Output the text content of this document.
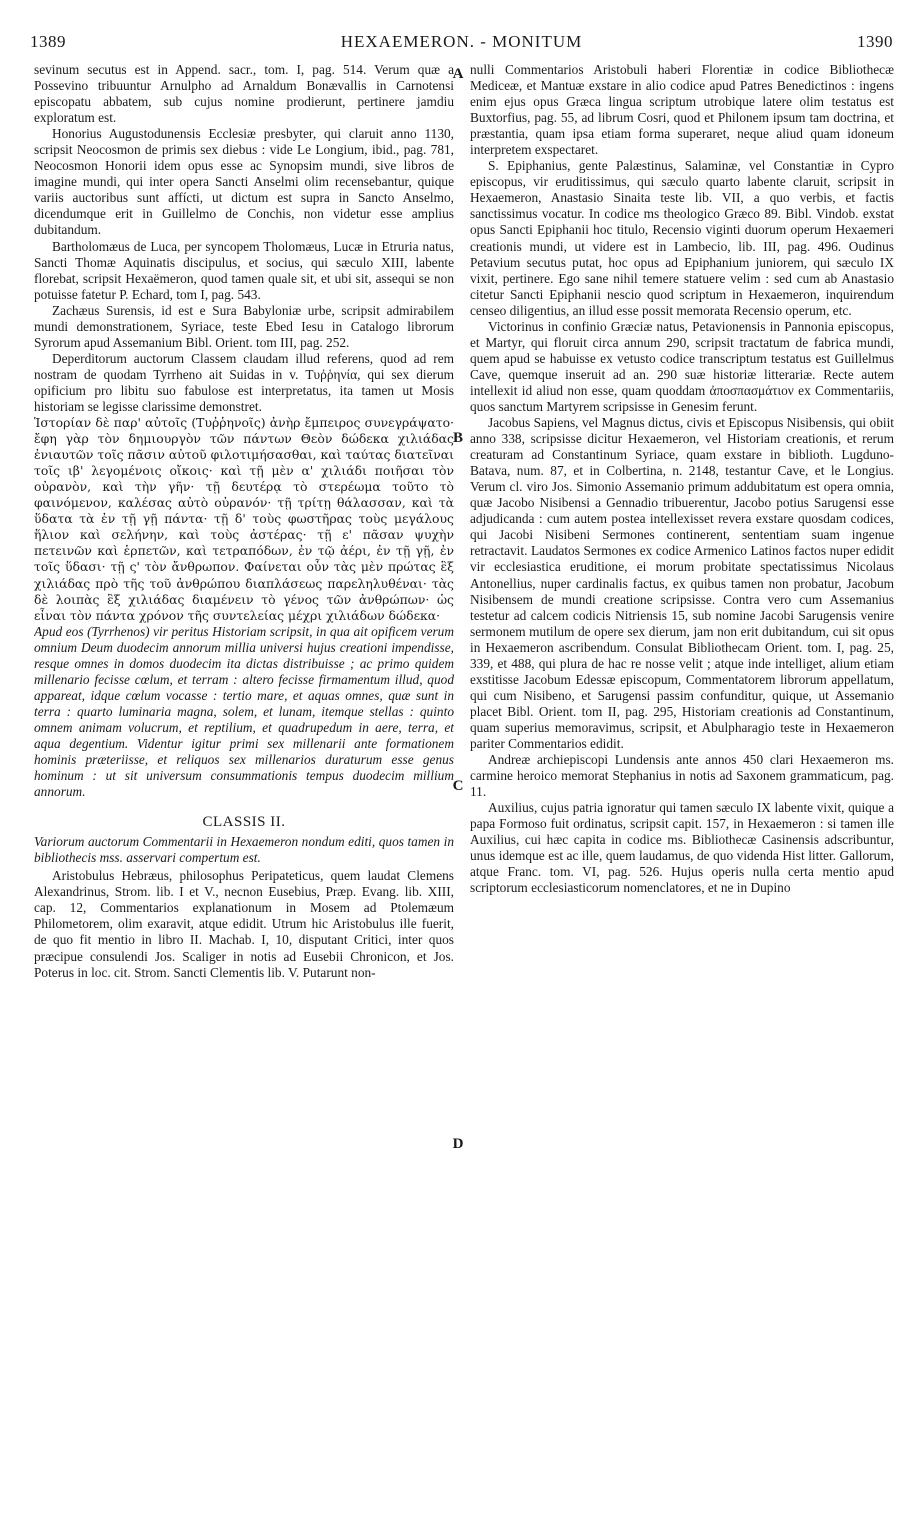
1389	ΗΕΧΑΕΜΕRON. - MONITUM	1390

sevinum secutus est in Append. sacr., tom. I, pag. 514. Verum quæ a Possevino tribuuntur Arnulpho ad Arnaldum Bonævallis in Carnotensi episcopatu abbatem, sub cujus nomine prodierunt, pertinere jamdiu exploratum est.

Honorius Augustodunensis Ecclesiæ presbyter, qui claruit anno 1130, scripsit Neocosmon de primis sex diebus : vide Le Longium, ibid., pag. 781, Neocosmon Honorii idem opus esse ac Synopsim mundi, sive libros de imagine mundi, qui inter opera Sancti Anselmi olim recensebantur, quique variis auctoribus sunt affícti, ut dictum est supra in Sancto Anselmo, dicendumque erit in Guillelmo de Conchis, non videtur esse amplius dubitandum.

Bartholomæus de Luca, per syncopem Tholomæus, Lucæ in Etruria natus, Sancti Thomæ Aquinatis discipulus, et socius, qui sæculo XIII, labente florebat, scripsit Hexaëmeron, quod tamen quale sit, et ubi sit, assequi se non potuisse fatetur P. Echard, tom I, pag. 543.

Zachæus Surensis, id est e Sura Babyloniæ urbe, scripsit admirabilem mundi demonstrationem, Syriace, teste Ebed Iesu in Catalogo librorum Syrorum apud Assemanium Bibl. Orient. tom III, pag. 252.

Deperditorum auctorum Classem claudam illud referens, quod ad rem nostram de quodam Tyrrheno ait Suidas in v. Τυῤῥηνία, qui sex dierum opificium pro libitu suo fabulose est interpretatus, ita tamen ut Mosis historiam se legisse clarissime demonstret.

Ἱστορίαν δὲ παρ' αὐτοῖς (Τυῤῥηνοῖς) ἀνὴρ ἔμπειρος συνεγράψατο· ἔφη γὰρ τὸν δημιουργὸν τῶν πάντων Θεὸν δώδεκα χιλιάδας ἐνιαυτῶν τοῖς πᾶσιν αὐτοῦ φιλοτιμήσασθαι, καὶ ταύτας διατεῖναι τοῖς ιβ' λεγομένοις οἴκοις· καὶ τῇ μὲν α' χιλιάδι ποιῆσαι τὸν οὐρανὸν, καὶ τὴν γῆν· τῇ δευτέρᾳ τὸ στερέωμα τοῦτο τὸ φαινόμενον, καλέσας αὐτὸ οὐρανόν· τῇ τρίτῃ θάλασσαν, καὶ τὰ ὕδατα τὰ ἐν τῇ γῇ πάντα· τῇ δ' τοὺς φωστῆρας τοὺς μεγάλους ἥλιον καὶ σελήνην, καὶ τοὺς ἀστέρας· τῇ ε' πᾶσαν ψυχὴν πετεινῶν καὶ ἑρπετῶν, καὶ τετραπόδων, ἐν τῷ ἀέρι, ἐν τῇ γῇ, ἐν τοῖς ὕδασι· τῇ ς' τὸν ἄνθρωπον. Φαίνεται οὖν τὰς μὲν πρώτας ἓξ χιλιάδας πρὸ τῆς τοῦ ἀνθρώπου διαπλάσεως παρεληλυθέναι· τὰς δὲ λοιπὰς ἓξ χιλιάδας διαμένειν τὸ γένος τῶν ἀνθρώπων· ὡς εἶναι τὸν πάντα χρόνον τῆς συντελείας μέχρι χιλιάδων δώδεκα·

Apud eos (Tyrrhenos) vir peritus Historiam scripsit, in qua ait opificem verum omnium Deum duodecim annorum millia universi hujus creationi impendisse, resque omnes in domos duodecim ita dictas distribuisse ; ac primo quidem millenario fecisse cœlum, et terram : altero fecisse firmamentum illud, quod appareat, idque cœlum vocasse : tertio mare, et aquas omnes, quæ sunt in terra : quarto luminaria magna, solem, et lunam, itemque stellas : quinto omnem animam volucrum, et reptilium, et quadrupedum in aere, terra, et aqua degentium. Videntur igitur primi sex millenarii ante formationem hominis præteriisse, et reliquos sex millenarios duraturum esse genus hominum : ut sit universum consummationis tempus duodecim millium annorum.

CLASSIS II.

Variorum auctorum Commentarii in Hexaemeron nondum editi, quos tamen in bibliothecis mss. asservari compertum est.

Aristobulus Hebræus, philosophus Peripateticus, quem laudat Clemens Alexandrinus, Strom. lib. I et V., necnon Eusebius, Præp. Evang. lib. XIII, cap. 12, Commentarios explanationum in Mosem ad Ptolemæum Philometorem, olim exaravit, atque edidit. Utrum hic Aristobulus ille fuerit, de quo fit mentio in libro II. Machab. I, 10, disputant Critici, inter quos præcipue consulendi Jos. Scaliger in notis ad Eusebii Chronicon, et Jos. Poterus in loc. cit. Strom. Sancti Clementis lib. V. Putarunt non-

A
B
C
D

nulli Commentarios Aristobuli haberi Florentiæ in codice Bibliothecæ Mediceæ, et Mantuæ exstare in alio codice apud Patres Benedictinos : ingens enim ejus opus Græca lingua scriptum utrobique latere olim testatus est Buxtorfius, pag. 55, ad librum Cosri, quod et Philonem ipsum tam doctrina, et præstantia, quam ipsa etiam forma superaret, neque aliud quam idoneum interpretem exspectaret.

S. Epiphanius, gente Palæstinus, Salaminæ, vel Constantiæ in Cypro episcopus, vir eruditissimus, qui sæculo quarto labente claruit, scripsit in Hexaemeron, Anastasio Sinaita teste lib. VII, a quo verbis, et factis sanctissimus vocatur. In codice ms theologico Græco 89. Bibl. Vindob. exstat opus Sancti Epiphanii hoc titulo, Recensio viginti duorum operum Hexaemeri creationis mundi, ut videre est in Lambecio, lib. III, pag. 496. Oudinus Petavium secutus putat, hoc opus ad Epiphanium juniorem, qui sæculo IX vixit, pertinere. Ego sane nihil temere statuere velim : sed cum ab Anastasio citetur Sancti Epiphanii nescio quod scriptum in Hexaemeron, inquirendum censeo diligentius, an illud esse possit memorata Recensio operum, etc.

Victorinus in confinio Græciæ natus, Petavionensis in Pannonia episcopus, et Martyr, qui floruit circa annum 290, scripsit tractatum de fabrica mundi, quem apud se habuisse ex vetusto codice transcriptum testatus est Guillelmus Cave, quemque inseruit ad an. 290 suæ historiæ litterariæ. Recte autem intellexit id aliud non esse, quam quoddam ἀποσπασμάτιον ex Commentariis, quos sanctum Martyrem scripsisse in Genesim ferunt.

Jacobus Sapiens, vel Magnus dictus, civis et Episcopus Nisibensis, qui obiit anno 338, scripsisse dicitur Hexaemeron, vel Historiam creationis, et rerum creaturam ad Constantinum Syriace, quam exstare in biblioth. Lugduno-Batava, num. 87, et in Colbertina, n. 2148, testantur Cave, et le Longius. Verum cl. viro Jos. Simonio Assemanio primum addubitatum est opera omnia, quæ Jacobo Nisibensi a Gennadio tribuerentur, Jacobo potius Sarugensi esse adjudicanda : cum autem postea intellexisset revera exstare quosdam codices, qui Jacobi Nisibeni Sermones continerent, sententiam suam ingenue retractavit. Laudatos Sermones ex codice Armenico Latinos factos nuper edidit vir ecclesiastica eruditione, ei morum probitate spectatissimus Nicolaus Antonellius, nuper cardinalis factus, ex quibus tamen non probatur, Jacobum Nisibensem de mundi creatione scripsisse. Contra vero cum Assemanius testetur ad calcem codicis Nitriensis 15, sub nomine Jacobi Sarugensis venire sermonem mutilum de opere sex dierum, jam non erit dubitandum, cui sit opus in Hexaemeron ascribendum. Consulat Bibliothecam Orient. tom. I, pag. 25, 339, et 488, qui plura de hac re nosse velit ; atque inde intelliget, alium etiam exstitisse Jacobum Edessæ episcopum, Commentatorem librorum appellatum, qui cum Nisibeno, et Sarugensi passim confunditur, quique, ut Assemanio placet Bibl. Orient. tom II, pag. 295, Historiam creationis ad Constantinum, quam superius memoravimus, scripsit, et Abulpharagio teste in Hexaemeron pariter Commentarios edidit.

Andreæ archiepiscopi Lundensis ante annos 450 clari Hexaemeron ms. carmine heroico memorat Stephanius in notis ad Saxonem grammaticum, pag. 11.

Auxilius, cujus patria ignoratur qui tamen sæculo IX labente vixit, quique a papa Formoso fuit ordinatus, scripsit capit. 157, in Hexaemeron : si tamen ille Auxilius, cui hæc capita in codice ms. Bibliothecæ Casinensis adscribuntur, unus idemque est ac ille, quem laudamus, de quo videnda Hist litter. Gallorum, atque Franc. tom. VI, pag. 526. Hujus operis nulla certa mentio apud scriptorum ecclesiasticorum nomenclatores, et ne in Dupino
